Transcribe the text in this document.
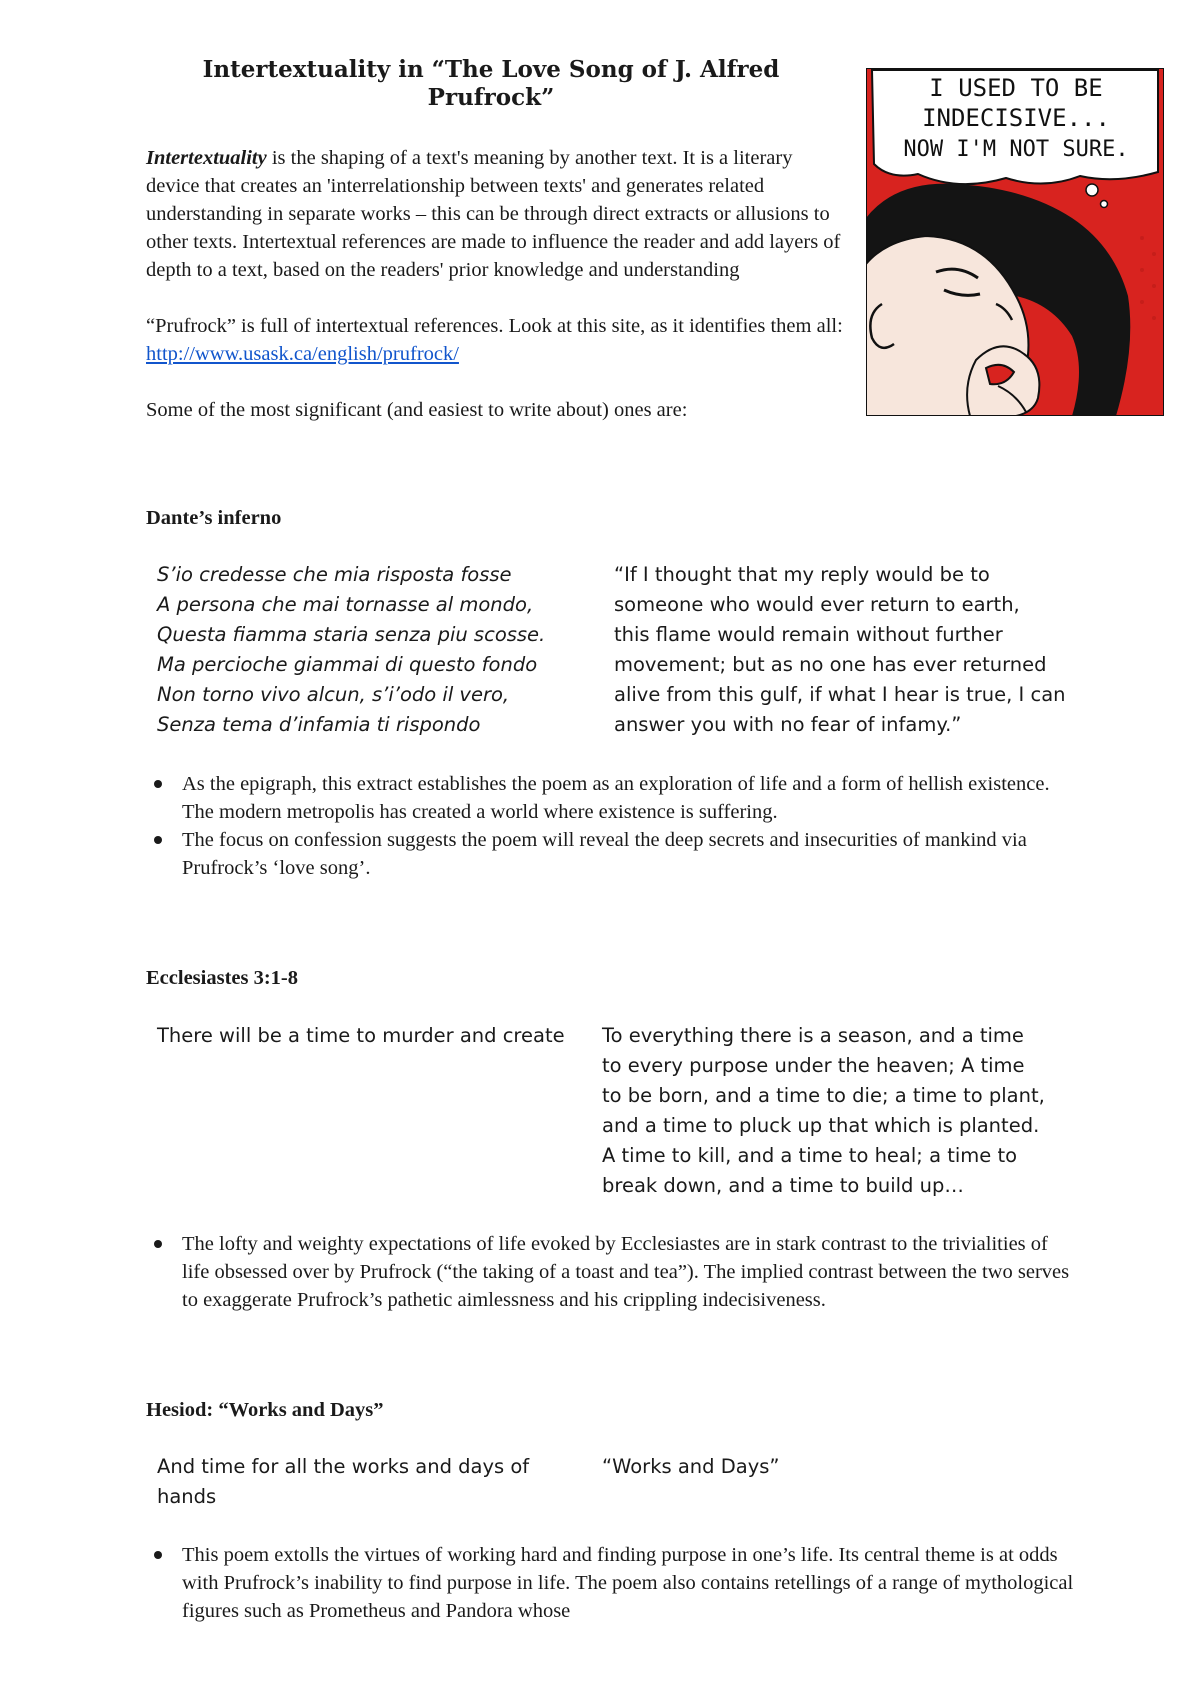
Intertextuality in “The Love Song of J. Alfred Prufrock”

Intertextuality is the shaping of a text's meaning by another text. It is a literary device that creates an 'interrelationship between texts' and generates related understanding in separate works – this can be through direct extracts or allusions to other texts. Intertextual references are made to influence the reader and add layers of depth to a text, based on the readers' prior knowledge and understanding

“Prufrock” is full of intertextual references. Look at this site, as it identifies them all: http://www.usask.ca/english/prufrock/

Some of the most significant (and easiest to write about) ones are:

I USED TO BE
INDECISIVE...
NOW I'M NOT SURE.
Dante’s inferno
S’io credesse che mia risposta fosse
A persona che mai tornasse al mondo,
Questa fiamma staria senza piu scosse.
Ma percioche giammai di questo fondo
Non torno vivo alcun, s’i’odo il vero,
Senza tema d’infamia ti rispondo
“If I thought that my reply would be to
someone who would ever return to earth,
this flame would remain without further
movement; but as no one has ever returned
alive from this gulf, if what I hear is true, I can
answer you with no fear of infamy.”
As the epigraph, this extract establishes the poem as an exploration of life and a form of hellish existence. The modern metropolis has created a world where existence is suffering.
The focus on confession suggests the poem will reveal the deep secrets and insecurities of mankind via Prufrock’s ‘love song’.
Ecclesiastes 3:1-8
There will be a time to murder and create To everything there is a season, and a time
to every purpose under the heaven; A time
to be born, and a time to die; a time to plant,
and a time to pluck up that which is planted.
A time to kill, and a time to heal; a time to
break down, and a time to build up…
The lofty and weighty expectations of life evoked by Ecclesiastes are in stark contrast to the trivialities of life obsessed over by Prufrock (“the taking of a toast and tea”). The implied contrast between the two serves to exaggerate Prufrock’s pathetic aimlessness and his crippling indecisiveness.
Hesiod: “Works and Days”
And time for all the works and days of
hands
“Works and Days”
This poem extolls the virtues of working hard and finding purpose in one’s life. Its central theme is at odds with Prufrock’s inability to find purpose in life. The poem also contains retellings of a range of mythological figures such as Prometheus and Pandora whose
